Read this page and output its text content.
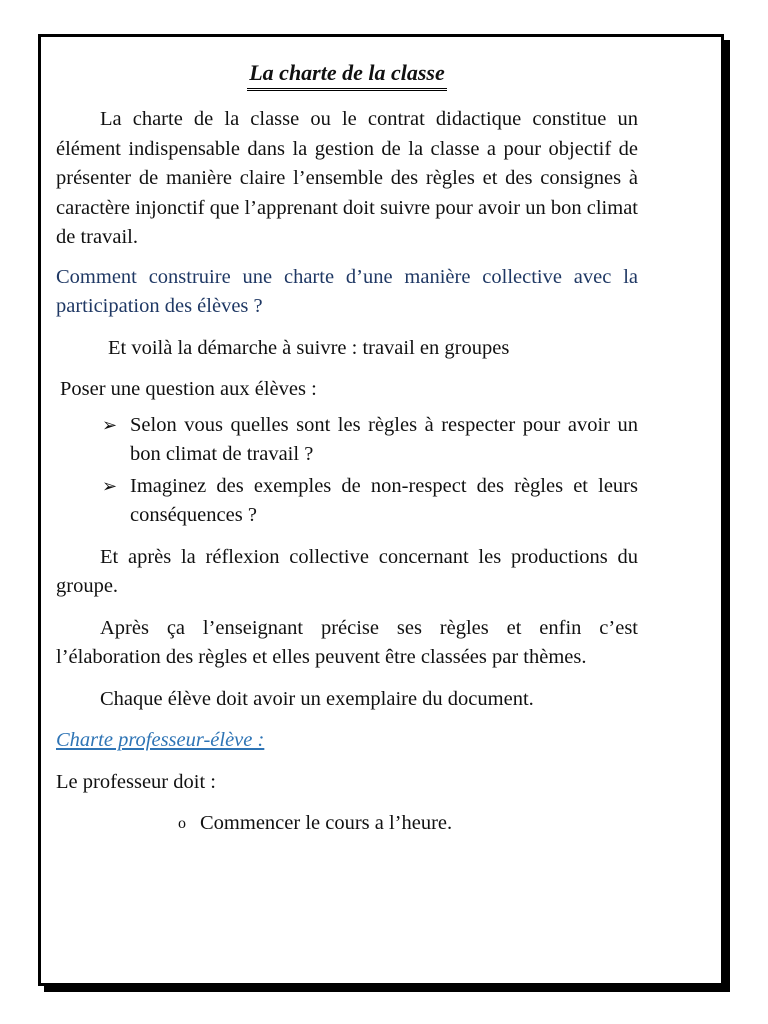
La charte de la classe

La charte de la classe ou le contrat didactique constitue un élément indispensable dans la gestion de la classe a pour objectif de présenter de manière claire l’ensemble des règles et des consignes à caractère injonctif que l’apprenant doit suivre pour avoir un bon climat de travail.

Comment construire une charte d’une manière collective avec la participation des élèves ?

Et voilà la démarche à suivre : travail en groupes

Poser une question aux élèves :

➢ Selon vous quelles sont les règles à respecter pour avoir un bon climat de travail ?
➢ Imaginez des exemples de non-respect des règles et leurs conséquences ?

Et après la réflexion collective concernant les productions du groupe.

Après ça l’enseignant précise ses règles et enfin c’est l’élaboration des règles et elles peuvent être classées par thèmes.

Chaque élève doit avoir un exemplaire du document.

Charte professeur-élève :

Le professeur doit :

o Commencer le cours a l’heure.
